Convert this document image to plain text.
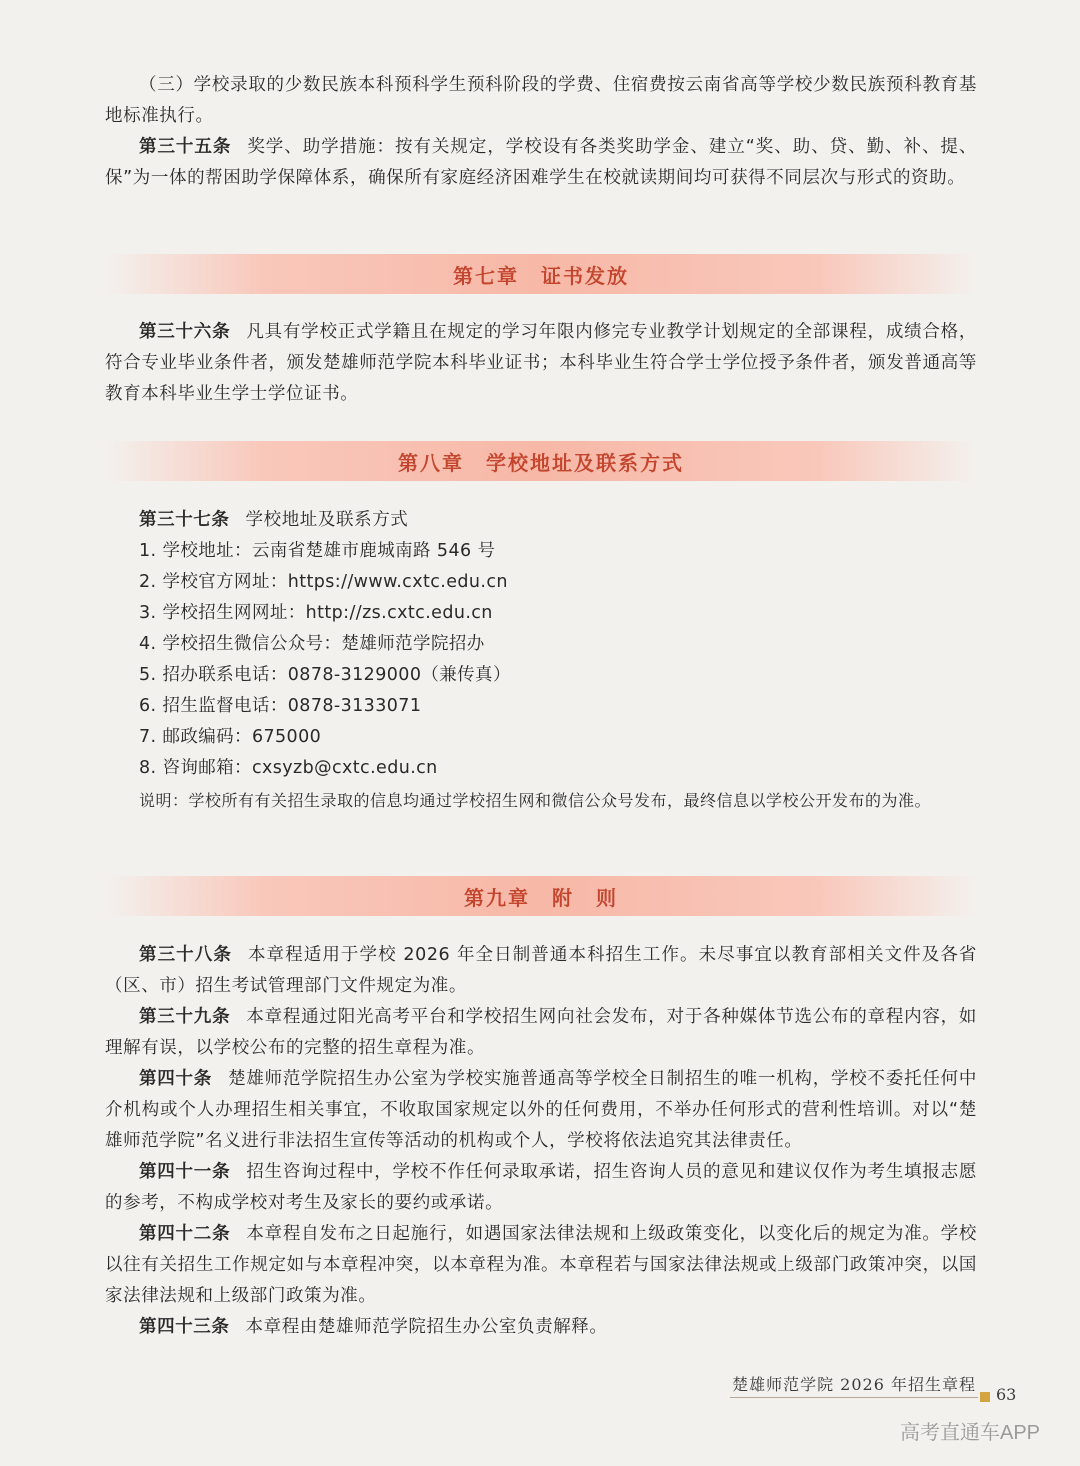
（三）学校录取的少数民族本科预科学生预科阶段的学费、住宿费按云南省高等学校少数民族预科教育基地标准执行。

第三十五条 奖学、助学措施：按有关规定，学校设有各类奖助学金、建立“奖、助、贷、勤、补、提、保”为一体的帮困助学保障体系，确保所有家庭经济困难学生在校就读期间均可获得不同层次与形式的资助。

第七章　证书发放

第三十六条 凡具有学校正式学籍且在规定的学习年限内修完专业教学计划规定的全部课程，成绩合格，符合专业毕业条件者，颁发楚雄师范学院本科毕业证书；本科毕业生符合学士学位授予条件者，颁发普通高等教育本科毕业生学士学位证书。

第八章　学校地址及联系方式

第三十七条 学校地址及联系方式

1. 学校地址：云南省楚雄市鹿城南路 546 号

2. 学校官方网址：https://www.cxtc.edu.cn

3. 学校招生网网址：http://zs.cxtc.edu.cn

4. 学校招生微信公众号：楚雄师范学院招办

5. 招办联系电话：0878-3129000（兼传真）

6. 招生监督电话：0878-3133071

7. 邮政编码：675000

8. 咨询邮箱：cxsyzb@cxtc.edu.cn

说明：学校所有有关招生录取的信息均通过学校招生网和微信公众号发布，最终信息以学校公开发布的为准。

第九章　附　则

第三十八条 本章程适用于学校 2026 年全日制普通本科招生工作。未尽事宜以教育部相关文件及各省（区、市）招生考试管理部门文件规定为准。

第三十九条 本章程通过阳光高考平台和学校招生网向社会发布，对于各种媒体节选公布的章程内容，如理解有误，以学校公布的完整的招生章程为准。

第四十条 楚雄师范学院招生办公室为学校实施普通高等学校全日制招生的唯一机构，学校不委托任何中介机构或个人办理招生相关事宜，不收取国家规定以外的任何费用，不举办任何形式的营利性培训。对以“楚雄师范学院”名义进行非法招生宣传等活动的机构或个人，学校将依法追究其法律责任。

第四十一条 招生咨询过程中，学校不作任何录取承诺，招生咨询人员的意见和建议仅作为考生填报志愿的参考，不构成学校对考生及家长的要约或承诺。

第四十二条 本章程自发布之日起施行，如遇国家法律法规和上级政策变化，以变化后的规定为准。学校以往有关招生工作规定如与本章程冲突，以本章程为准。本章程若与国家法律法规或上级部门政策冲突，以国家法律法规和上级部门政策为准。

第四十三条 本章程由楚雄师范学院招生办公室负责解释。

楚雄师范学院 2026 年招生章程
63
高考直通车APP
